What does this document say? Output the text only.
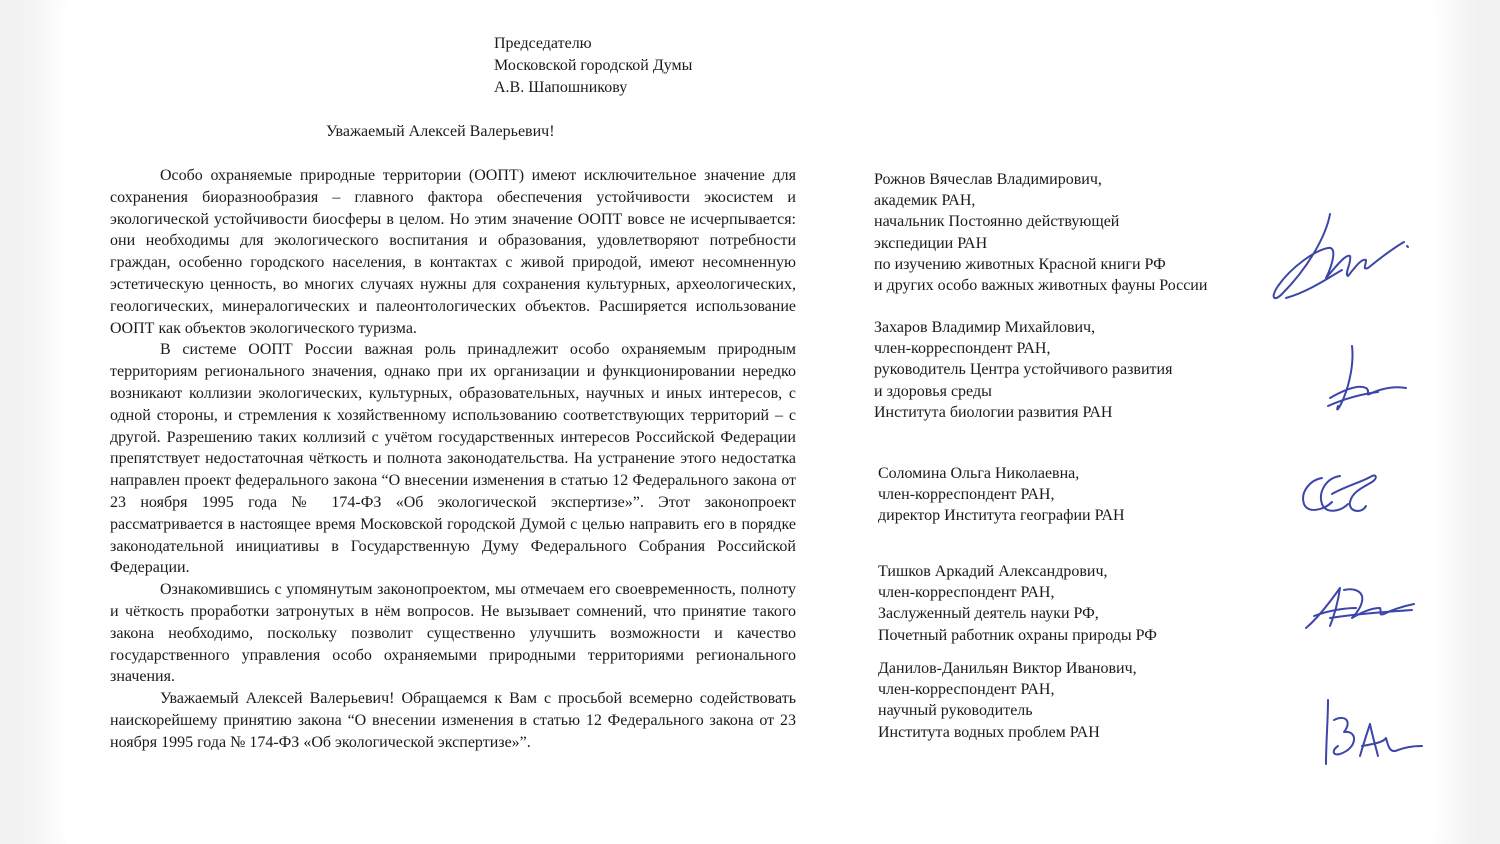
Председателю
Московской городской Думы
А.В. Шапошникову
Уважаемый Алексей Валерьевич!

Особо охраняемые природные территории (ООПТ) имеют исключительное значение для сохранения биоразнообразия – главного фактора обеспечения устойчивости экосистем и экологической устойчивости биосферы в целом. Но этим значение ООПТ вовсе не исчерпывается: они необходимы для экологического воспитания и образования, удовлетворяют потребности граждан, особенно городского населения, в контактах с живой природой, имеют несомненную эстетическую ценность, во многих случаях нужны для сохранения культурных, археологических, геологических, минералогических и палеонтологических объектов. Расширяется использование ООПТ как объектов экологического туризма.

В системе ООПТ России важная роль принадлежит особо охраняемым природным территориям регионального значения, однако при их организации и функционировании нередко возникают коллизии экологических, культурных, образовательных, научных и иных интересов, с одной стороны, и стремления к хозяйственному использованию соответствующих территорий – с другой. Разрешению таких коллизий с учётом государственных интересов Российской Федерации препятствует недостаточная чёткость и полнота законодательства. На устранение этого недостатка направлен проект федерального закона “О внесении изменения в статью 12 Федерального закона от 23 ноября 1995 года № 174-ФЗ «Об экологической экспертизе»”. Этот законопроект рассматривается в настоящее время Московской городской Думой с целью направить его в порядке законодательной инициативы в Государственную Думу Федерального Собрания Российской Федерации.

Ознакомившись с упомянутым законопроектом, мы отмечаем его своевременность, полноту и чёткость проработки затронутых в нём вопросов. Не вызывает сомнений, что принятие такого закона необходимо, поскольку позволит существенно улучшить возможности и качество государственного управления особо охраняемыми природными территориями регионального значения.

Уважаемый Алексей Валерьевич! Обращаемся к Вам с просьбой всемерно содействовать наискорейшему принятию закона “О внесении изменения в статью 12 Федерального закона от 23 ноября 1995 года № 174-ФЗ «Об экологической экспертизе»”.

Рожнов Вячеслав Владимирович,
академик РАН,
начальник Постоянно действующей
экспедиции РАН
по изучению животных Красной книги РФ
и других особо важных животных фауны России
Захаров Владимир Михайлович,
член-корреспондент РАН,
руководитель Центра устойчивого развития
и здоровья среды
Института биологии развития РАН
Соломина Ольга Николаевна,
член-корреспондент РАН,
директор Института географии РАН
Тишков Аркадий Александрович,
член-корреспондент РАН,
Заслуженный деятель науки РФ,
Почетный работник охраны природы РФ
Данилов-Данильян Виктор Иванович,
член-корреспондент РАН,
научный руководитель
Института водных проблем РАН
